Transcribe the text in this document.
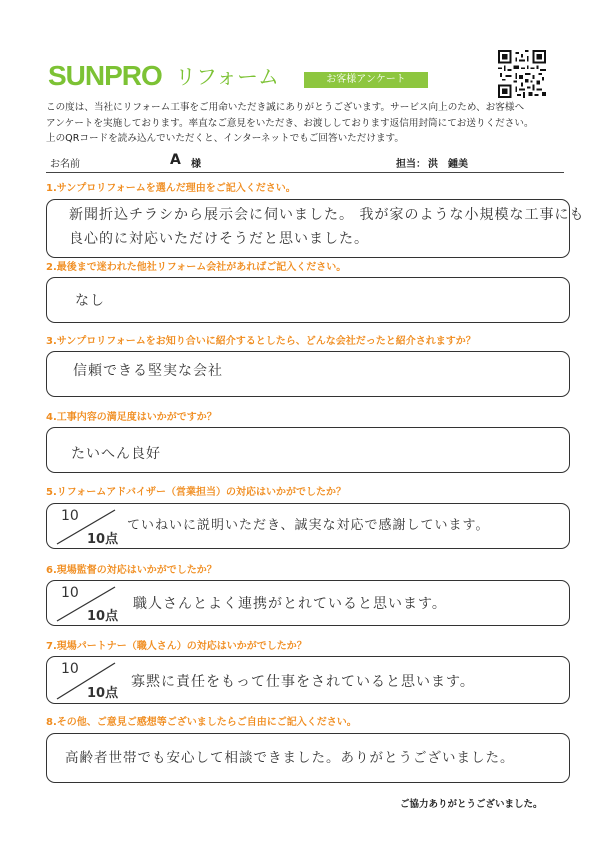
SUNPRO リフォーム	お客様アンケート
この度は、当社にリフォーム工事をご用命いただき誠にありがとうございます。サービス向上のため、お客様へ
アンケートを実施しております。率直なご意見をいただき、お渡ししております返信用封筒にてお送りください。
上のQRコードを読み込んでいただくと、インターネットでもご回答いただけます。
お名前	A 様	担当： 洪　鍾美
1.サンプロリフォームを選んだ理由をご記入ください。
新聞折込チラシから展示会に伺いました。 我が家のような小規模な工事にも
良心的に対応いただけそうだと思いました。
2.最後まで迷われた他社リフォーム会社があればご記入ください。
なし
3.サンプロリフォームをお知り合いに紹介するとしたら、どんな会社だったと紹介されますか？
信頼できる堅実な会社
4.工事内容の満足度はいかがですか？
たいへん良好
5.リフォームアドバイザー（営業担当）の対応はいかがでしたか？
10
10点
ていねいに説明いただき、誠実な対応で感謝しています。
6.現場監督の対応はいかがでしたか？
10
10点
職人さんとよく連携がとれていると思います。
7.現場パートナー（職人さん）の対応はいかがでしたか？
10
10点
寡黙に責任をもって仕事をされていると思います。
8.その他、ご意見ご感想等ございましたらご自由にご記入ください。
高齢者世帯でも安心して相談できました。ありがとうございました。
ご協力ありがとうございました。
